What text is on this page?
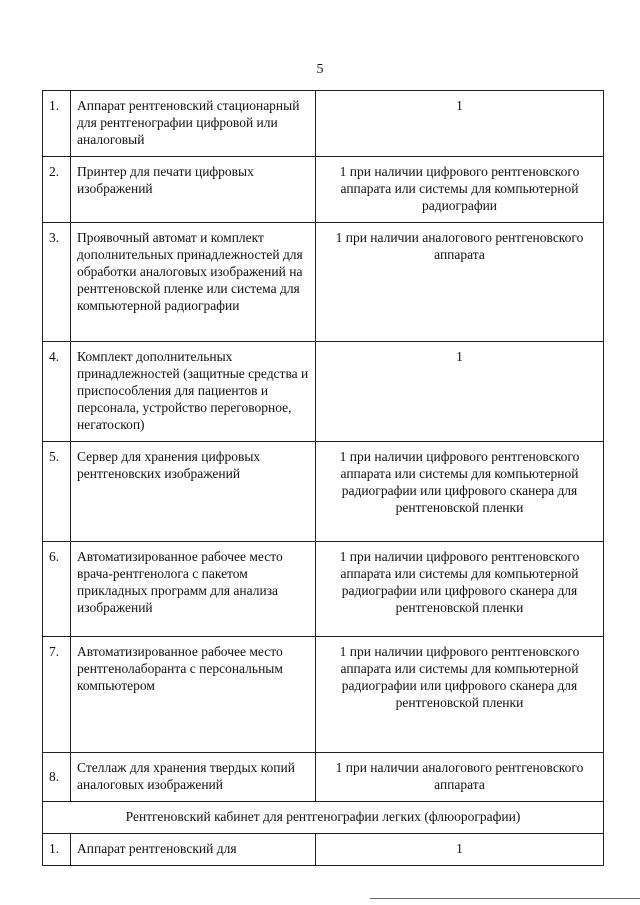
5
1.	Аппарат рентгеновский стационарный для рентгенографии цифровой или аналоговый	1
2.	Принтер для печати цифровых изображений	1 при наличии цифрового рентгеновского аппарата или системы для компьютерной радиографии
3.	Проявочный автомат и комплект дополнительных принадлежностей для обработки аналоговых изображений на рентгеновской пленке или система для компьютерной радиографии	1 при наличии аналогового рентгеновского аппарата
4.	Комплект дополнительных принадлежностей (защитные средства и приспособления для пациентов и персонала, устройство переговорное, негатоскоп)	1
5.	Сервер для хранения цифровых рентгеновских изображений	1 при наличии цифрового рентгеновского аппарата или системы для компьютерной радиографии или цифрового сканера для рентгеновской пленки
6.	Автоматизированное рабочее место врача-рентгенолога с пакетом прикладных программ для анализа изображений	1 при наличии цифрового рентгеновского аппарата или системы для компьютерной радиографии или цифрового сканера для рентгеновской пленки
7.	Автоматизированное рабочее место рентгенолаборанта с персональным компьютером	1 при наличии цифрового рентгеновского аппарата или системы для компьютерной радиографии или цифрового сканера для рентгеновской пленки
8.	Стеллаж для хранения твердых копий аналоговых изображений	1 при наличии аналогового рентгеновского аппарата
Рентгеновский кабинет для рентгенографии легких (флюорографии)		
1.	Аппарат рентгеновский для	1
